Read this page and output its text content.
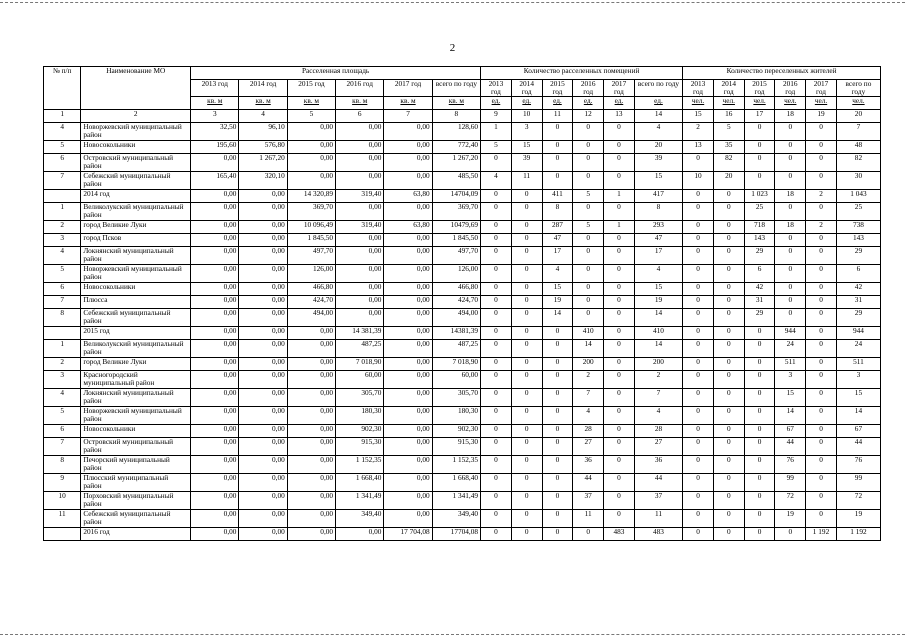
2
№ п/п	Наименование МО	Расселенная площадь						Количество расселенных помещений						Количество переселенных жителей					
		2013 год	2014 год	2015 год	2016 год	2017 год	всего по году	2013 год	2014 год	2015 год	2016 год	2017 год	всего по году	2013 год	2014 год	2015 год	2016 год	2017 год	всего по году
		кв. м	кв. м	кв. м	кв. м	кв. м	кв. м	ед.	ед.	ед.	ед.	ед.	ед.	чел.	чел.	чел.	чел.	чел.	чел.
1	2	3	4	5	6	7	8	9	10	11	12	13	14	15	16	17	18	19	20
4	Новоржевский муниципальный район	32,50	96,10	0,00	0,00	0,00	128,60	1	3	0	0	0	4	2	5	0	0	0	7
5	Новосокольники	195,60	576,80	0,00	0,00	0,00	772,40	5	15	0	0	0	20	13	35	0	0	0	48
6	Островский муниципальный район	0,00	1 267,20	0,00	0,00	0,00	1 267,20	0	39	0	0	0	39	0	82	0	0	0	82
7	Себежский муниципальный район	165,40	320,10	0,00	0,00	0,00	485,50	4	11	0	0	0	15	10	20	0	0	0	30
	2014 год	0,00	0,00	14 320,89	319,40	63,80	14704,09	0	0	411	5	1	417	0	0	1 023	18	2	1 043
1	Великолукский муниципальный район	0,00	0,00	369,70	0,00	0,00	369,70	0	0	8	0	0	8	0	0	25	0	0	25
2	город Великие Луки	0,00	0,00	10 096,49	319,40	63,80	10479,69	0	0	287	5	1	293	0	0	718	18	2	738
3	город Псков	0,00	0,00	1 845,50	0,00	0,00	1 845,50	0	0	47	0	0	47	0	0	143	0	0	143
4	Локнянский муниципальный район	0,00	0,00	497,70	0,00	0,00	497,70	0	0	17	0	0	17	0	0	29	0	0	29
5	Новоржевский муниципальный район	0,00	0,00	126,00	0,00	0,00	126,00	0	0	4	0	0	4	0	0	6	0	0	6
6	Новосокольники	0,00	0,00	466,80	0,00	0,00	466,80	0	0	15	0	0	15	0	0	42	0	0	42
7	Плюсса	0,00	0,00	424,70	0,00	0,00	424,70	0	0	19	0	0	19	0	0	31	0	0	31
8	Себежский муниципальный район	0,00	0,00	494,00	0,00	0,00	494,00	0	0	14	0	0	14	0	0	29	0	0	29
	2015 год	0,00	0,00	0,00	14 381,39	0,00	14381,39	0	0	0	410	0	410	0	0	0	944	0	944
1	Великолукский муниципальный район	0,00	0,00	0,00	487,25	0,00	487,25	0	0	0	14	0	14	0	0	0	24	0	24
2	город Великие Луки	0,00	0,00	0,00	7 018,90	0,00	7 018,90	0	0	0	200	0	200	0	0	0	511	0	511
3	Красногородский муниципальный район	0,00	0,00	0,00	60,00	0,00	60,00	0	0	0	2	0	2	0	0	0	3	0	3
4	Локнянский муниципальный район	0,00	0,00	0,00	305,70	0,00	305,70	0	0	0	7	0	7	0	0	0	15	0	15
5	Новоржевский муниципальный район	0,00	0,00	0,00	180,30	0,00	180,30	0	0	0	4	0	4	0	0	0	14	0	14
6	Новосокольники	0,00	0,00	0,00	902,30	0,00	902,30	0	0	0	28	0	28	0	0	0	67	0	67
7	Островский муниципальный район	0,00	0,00	0,00	915,30	0,00	915,30	0	0	0	27	0	27	0	0	0	44	0	44
8	Печорский муниципальный район	0,00	0,00	0,00	1 152,35	0,00	1 152,35	0	0	0	36	0	36	0	0	0	76	0	76
9	Плюсский муниципальный район	0,00	0,00	0,00	1 668,40	0,00	1 668,40	0	0	0	44	0	44	0	0	0	99	0	99
10	Порховский муниципальный район	0,00	0,00	0,00	1 341,49	0,00	1 341,49	0	0	0	37	0	37	0	0	0	72	0	72
11	Себежский муниципальный район	0,00	0,00	0,00	349,40	0,00	349,40	0	0	0	11	0	11	0	0	0	19	0	19
	2016 год	0,00	0,00	0,00	0,00	17 704,08	17704,08	0	0	0	0	483	483	0	0	0	0	1 192	1 192
